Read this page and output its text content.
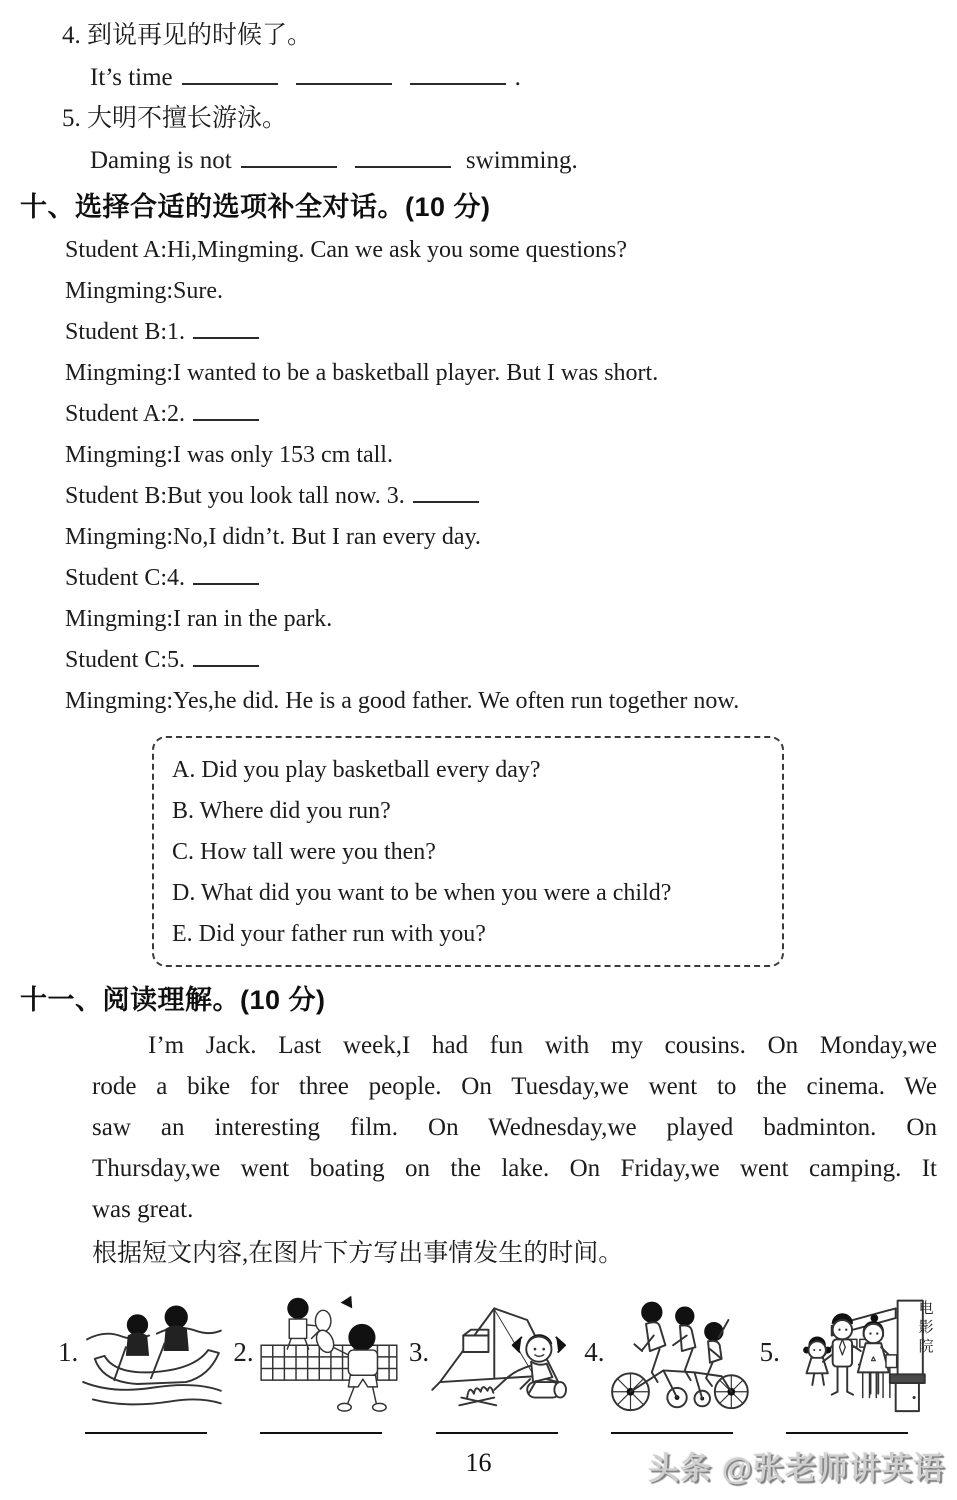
4. 到说再见的时候了。
It’s time	.
5. 大明不擅长游泳。
Daming is not	swimming.
十、选择合适的选项补全对话。(10 分)
Student A:Hi,Mingming. Can we ask you some questions?
Mingming:Sure.
Student B:1.
Mingming:I wanted to be a basketball player. But I was short.
Student A:2.
Mingming:I was only 153 cm tall.
Student B:But you look tall now. 3.
Mingming:No,I didn’t. But I ran every day.
Student C:4.
Mingming:I ran in the park.
Student C:5.
Mingming:Yes,he did. He is a good father. We often run together now.
A. Did you play basketball every day?
B. Where did you run?
C. How tall were you then?
D. What did you want to be when you were a child?
E. Did your father run with you?
十一、阅读理解。(10 分)
I’m Jack. Last week,I had fun with my cousins. On Monday,we
rode a bike for three people. On Tuesday,we went to the cinema. We
saw an interesting film. On Wednesday,we played badminton. On
Thursday,we went boating on the lake. On Friday,we went camping. It
was great.
根据短文内容,在图片下方写出事情发生的时间。
1.	2.	3.	4.	5.	电影院
16	头条 @张老师讲英语
